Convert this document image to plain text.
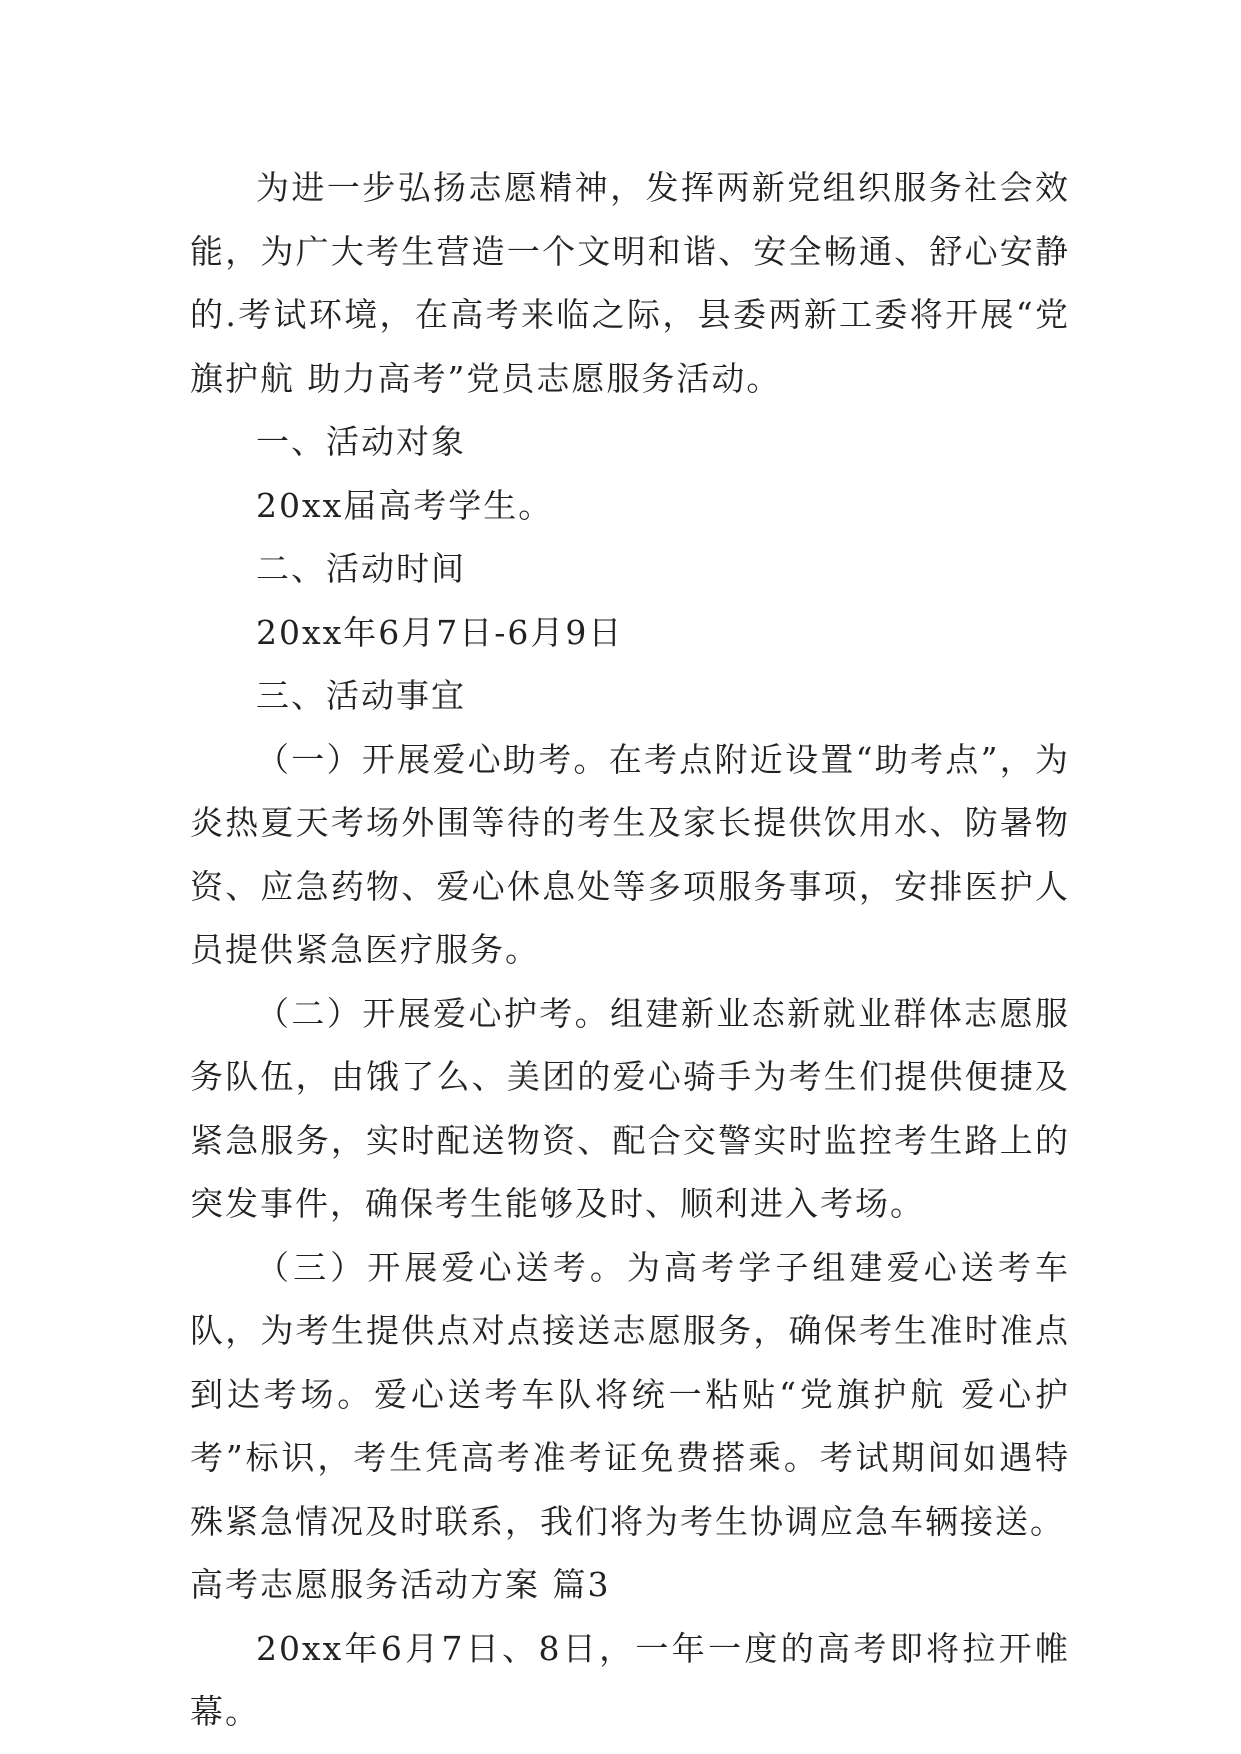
为进一步弘扬志愿精神，发挥两新党组织服务社会效能，为广大考生营造一个文明和谐、安全畅通、舒心安静的.考试环境，在高考来临之际，县委两新工委将开展“党旗护航 助力高考”党员志愿服务活动。

一、活动对象

20xx届高考学生。

二、活动时间

20xx年6月7日-6月9日

三、活动事宜

（一）开展爱心助考。在考点附近设置“助考点”，为炎热夏天考场外围等待的考生及家长提供饮用水、防暑物资、应急药物、爱心休息处等多项服务事项，安排医护人员提供紧急医疗服务。

（二）开展爱心护考。组建新业态新就业群体志愿服务队伍，由饿了么、美团的爱心骑手为考生们提供便捷及紧急服务，实时配送物资、配合交警实时监控考生路上的突发事件，确保考生能够及时、顺利进入考场。

（三）开展爱心送考。为高考学子组建爱心送考车队，为考生提供点对点接送志愿服务，确保考生准时准点到达考场。爱心送考车队将统一粘贴“党旗护航 爱心护考”标识，考生凭高考准考证免费搭乘。考试期间如遇特殊紧急情况及时联系，我们将为考生协调应急车辆接送。

高考志愿服务活动方案 篇3

20xx年6月7日、8日，一年一度的高考即将拉开帷幕。
